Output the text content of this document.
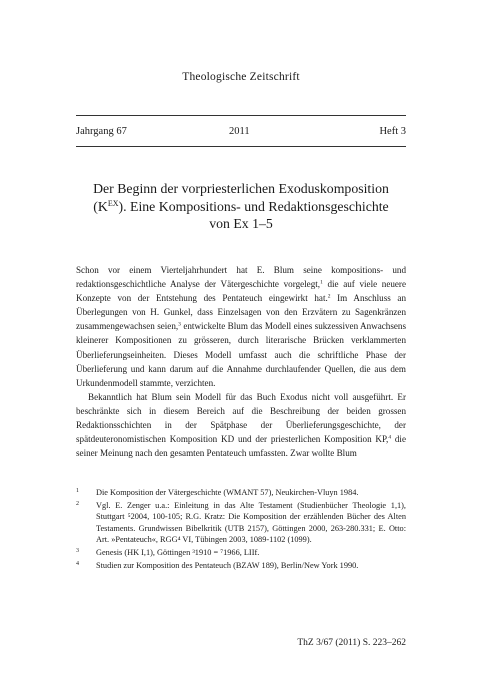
Theologische Zeitschrift
Jahrgang 67	2011	Heft 3
Der Beginn der vorpriesterlichen Exoduskomposition
$(K^{EX})$. Eine Kompositions- und Redaktionsgeschichte
von Ex 1–5

Schon vor einem Vierteljahrhundert hat E. Blum seine kompositions- und redaktionsgeschichtliche Analyse der Vätergeschichte vorgelegt,$^1$ die auf viele neuere Konzepte von der Entstehung des Pentateuch eingewirkt hat.$^2$ Im Anschluss an Überlegungen von H. Gunkel, dass Einzelsagen von den Erzvätern zu Sagenkränzen zusammengewachsen seien,$^3$ entwickelte Blum das Modell eines sukzessiven Anwachsens kleinerer Kompositionen zu grösseren, durch literarische Brücken verklammerten Überlieferungseinheiten. Dieses Modell umfasst auch die schriftliche Phase der Überlieferung und kann darum auf die Annahme durchlaufender Quellen, die aus dem Urkundenmodell stammte, verzichten.

Bekanntlich hat Blum sein Modell für das Buch Exodus nicht voll ausgeführt. Er beschränkte sich in diesem Bereich auf die Beschreibung der beiden grossen Redaktionsschichten in der Spätphase der Überlieferungsgeschichte, der spätdeuteronomistischen Komposition KD und der priesterlichen Komposition KP,$^4$ die seiner Meinung nach den gesamten Pentateuch umfassten. Zwar wollte Blum

1 Die Komposition der Vätergeschichte (WMANT 57), Neukirchen-Vluyn 1984.
2 Vgl. E. Zenger u.a.: Einleitung in das Alte Testament (Studienbücher Theologie 1,1), Stuttgart ⁵2004, 100-105; R.G. Kratz: Die Komposition der erzählenden Bücher des Alten Testaments. Grundwissen Bibelkritik (UTB 2157), Göttingen 2000, 263-280.331; E. Otto: Art. »Pentateuch«, RGG⁴ VI, Tübingen 2003, 1089-1102 (1099).
3 Genesis (HK I,1), Göttingen ³1910 = ⁷1966, LIIf.
4 Studien zur Komposition des Pentateuch (BZAW 189), Berlin/New York 1990.
ThZ 3/67 (2011) S. 223–262
